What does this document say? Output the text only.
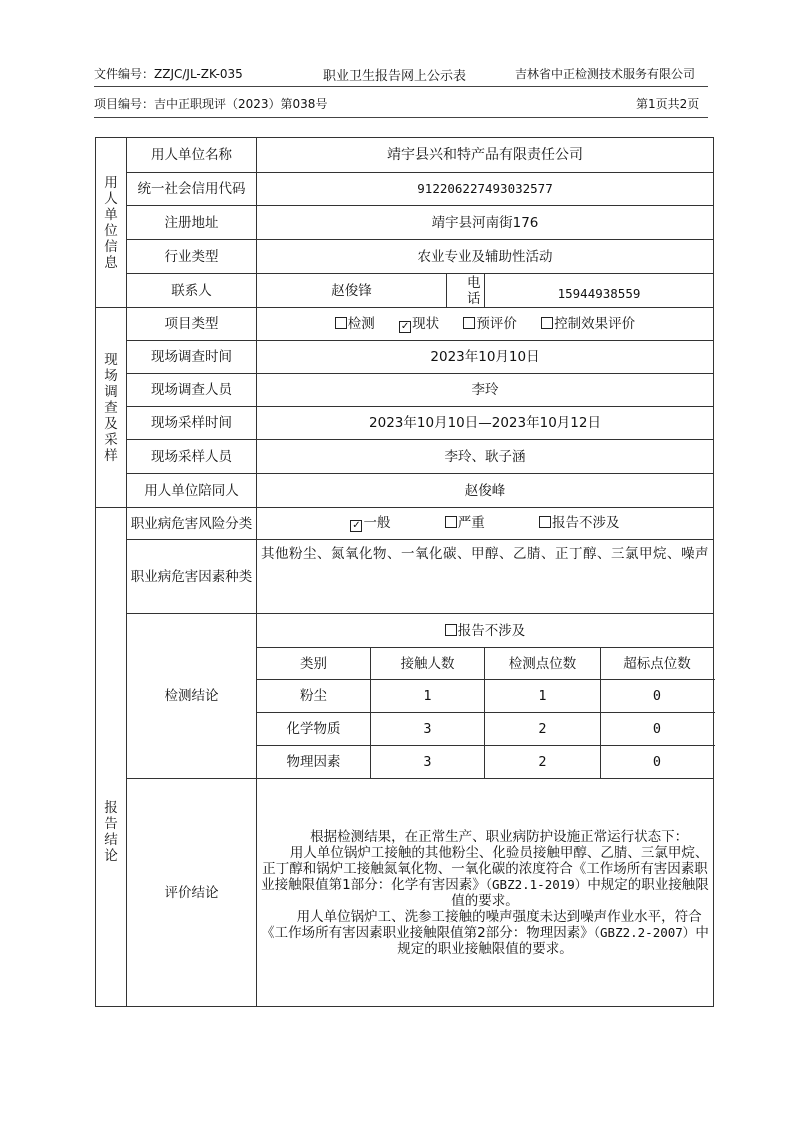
文件编号：ZZJC/JL-ZK-035	职业卫生报告网上公示表	吉林省中正检测技术服务有限公司
项目编号：吉中正职现评（2023）第038号	第1页共2页
用人单位信息	用人单位名称	靖宇县兴和特产品有限责任公司				
	统一社会信用代码	912206227493032577				
	注册地址	靖宇县河南街176				
	行业类型	农业专业及辅助性活动				
	联系人	赵俊锋		电话	15944938559	
现场调查及采样	项目类型	检测 ✓ 现状 预评价 控制效果评价				
	现场调查时间	2023年10月10日				
	现场调查人员	李玲				
	现场采样时间	2023年10月10日—2023年10月12日				
	现场采样人员	李玲、耿子涵				
	用人单位陪同人	赵俊峰				
报告结论	职业病危害风险分类	✓ 一般 严重 报告不涉及				
	职业病危害因素种类	其他粉尘、氮氧化物、一氧化碳、甲醇、乙腈、正丁醇、三氯甲烷、噪声				
	检测结论	报告不涉及				
		类别	接触人数		检测点位数	超标点位数
		粉尘	1		1	0
		化学物质	3		2	0
		物理因素	3		2	0
	评价结论	根据检测结果，在正常生产、职业病防护设施正常运行状态下：

用人单位锅炉工接触的其他粉尘、化验员接触甲醇、乙腈、三氯甲烷、正丁醇和锅炉工接触氮氧化物、一氧化碳的浓度符合《工作场所有害因素职业接触限值第1部分：化学有害因素》（GBZ2.1-2019）中规定的职业接触限值的要求。

用人单位锅炉工、洗参工接触的噪声强度未达到噪声作业水平，符合《工作场所有害因素职业接触限值第2部分：物理因素》（GBZ2.2-2007）中规定的职业接触限值的要求。				
